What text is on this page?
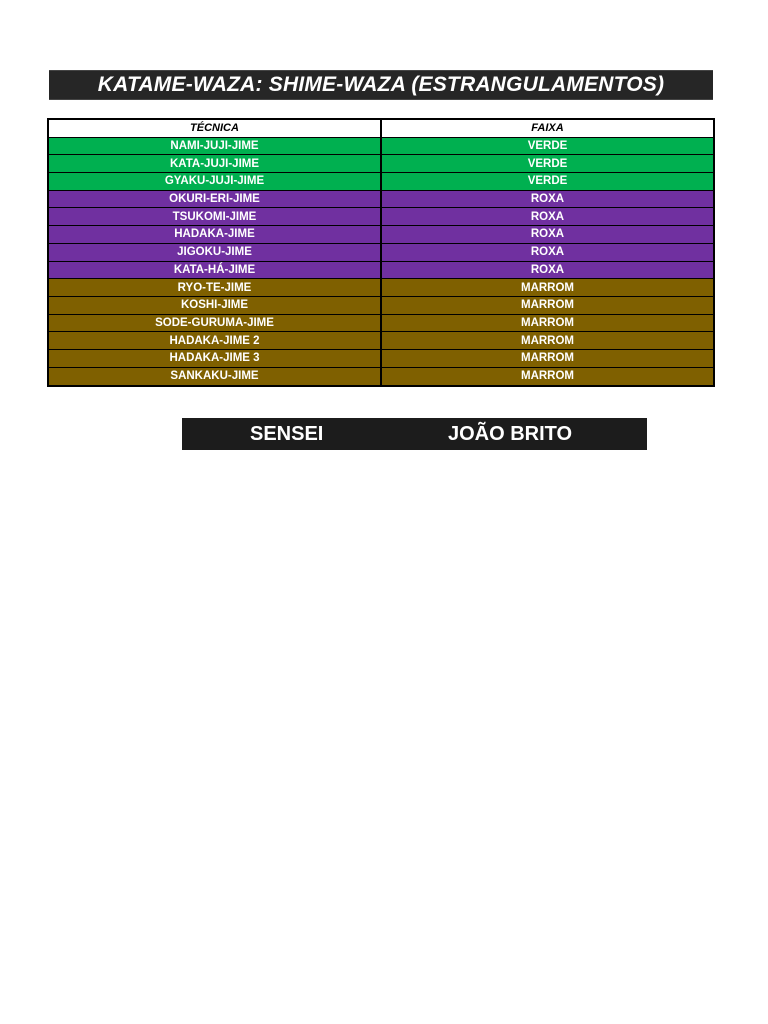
KATAME-WAZA: SHIME-WAZA (ESTRANGULAMENTOS)
TÉCNICA	FAIXA
NAMI-JUJI-JIME	VERDE
KATA-JUJI-JIME	VERDE
GYAKU-JUJI-JIME	VERDE
OKURI-ERI-JIME	ROXA
TSUKOMI-JIME	ROXA
HADAKA-JIME	ROXA
JIGOKU-JIME	ROXA
KATA-HÁ-JIME	ROXA
RYO-TE-JIME	MARROM
KOSHI-JIME	MARROM
SODE-GURUMA-JIME	MARROM
HADAKA-JIME 2	MARROM
HADAKA-JIME 3	MARROM
SANKAKU-JIME	MARROM
SENSEI	JOÃO BRITO
